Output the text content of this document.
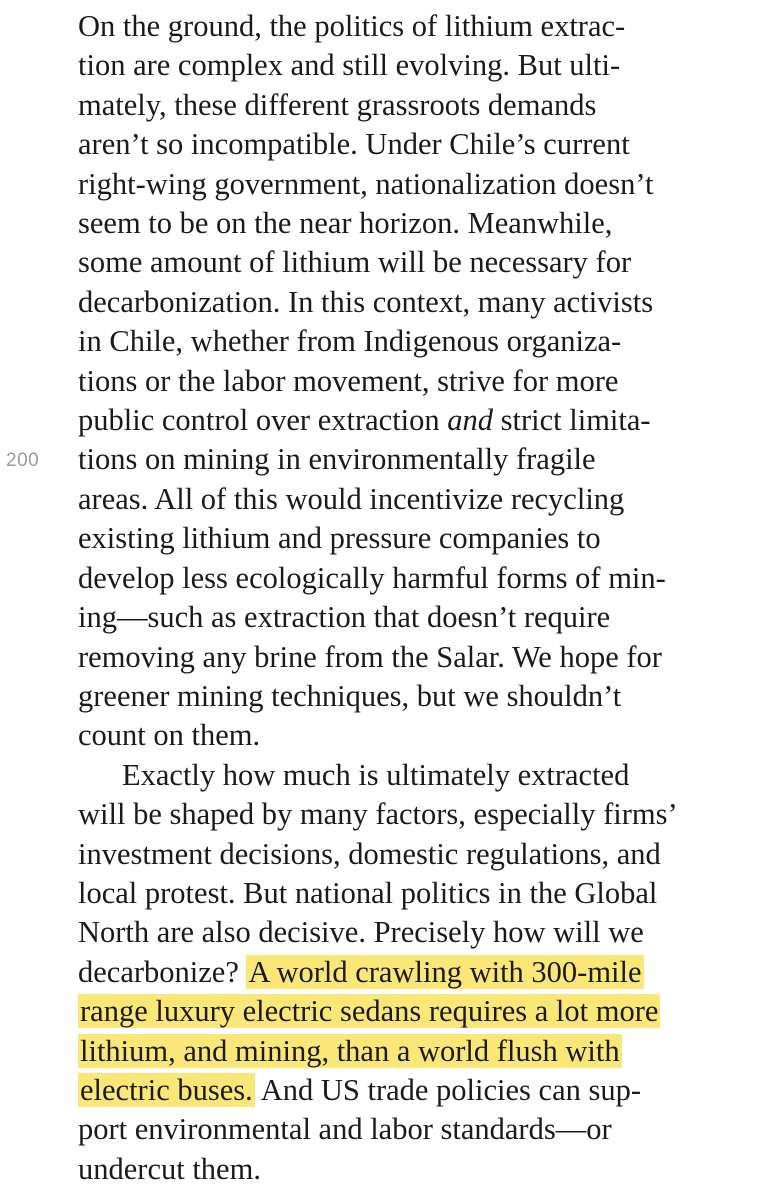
200
On the ground, the politics of lithium extrac-
tion are complex and still evolving. But ulti-
mately, these different grassroots demands
aren’t so incompatible. Under Chile’s current
right-wing government, nationalization doesn’t
seem to be on the near horizon. Meanwhile,
some amount of lithium will be necessary for
decarbonization. In this context, many activists
in Chile, whether from Indigenous organiza-
tions or the labor movement, strive for more
public control over extraction and strict limita-
tions on mining in environmentally fragile
areas. All of this would incentivize recycling
existing lithium and pressure companies to
develop less ecologically harmful forms of min-
ing—such as extraction that doesn’t require
removing any brine from the Salar. We hope for
greener mining techniques, but we shouldn’t
count on them.
Exactly how much is ultimately extracted
will be shaped by many factors, especially firms’
investment decisions, domestic regulations, and
local protest. But national politics in the Global
North are also decisive. Precisely how will we
decarbonize? A world crawling with 300-mile
range luxury electric sedans requires a lot more
lithium, and mining, than a world flush with
electric buses. And US trade policies can sup-
port environmental and labor standards—or
undercut them.
